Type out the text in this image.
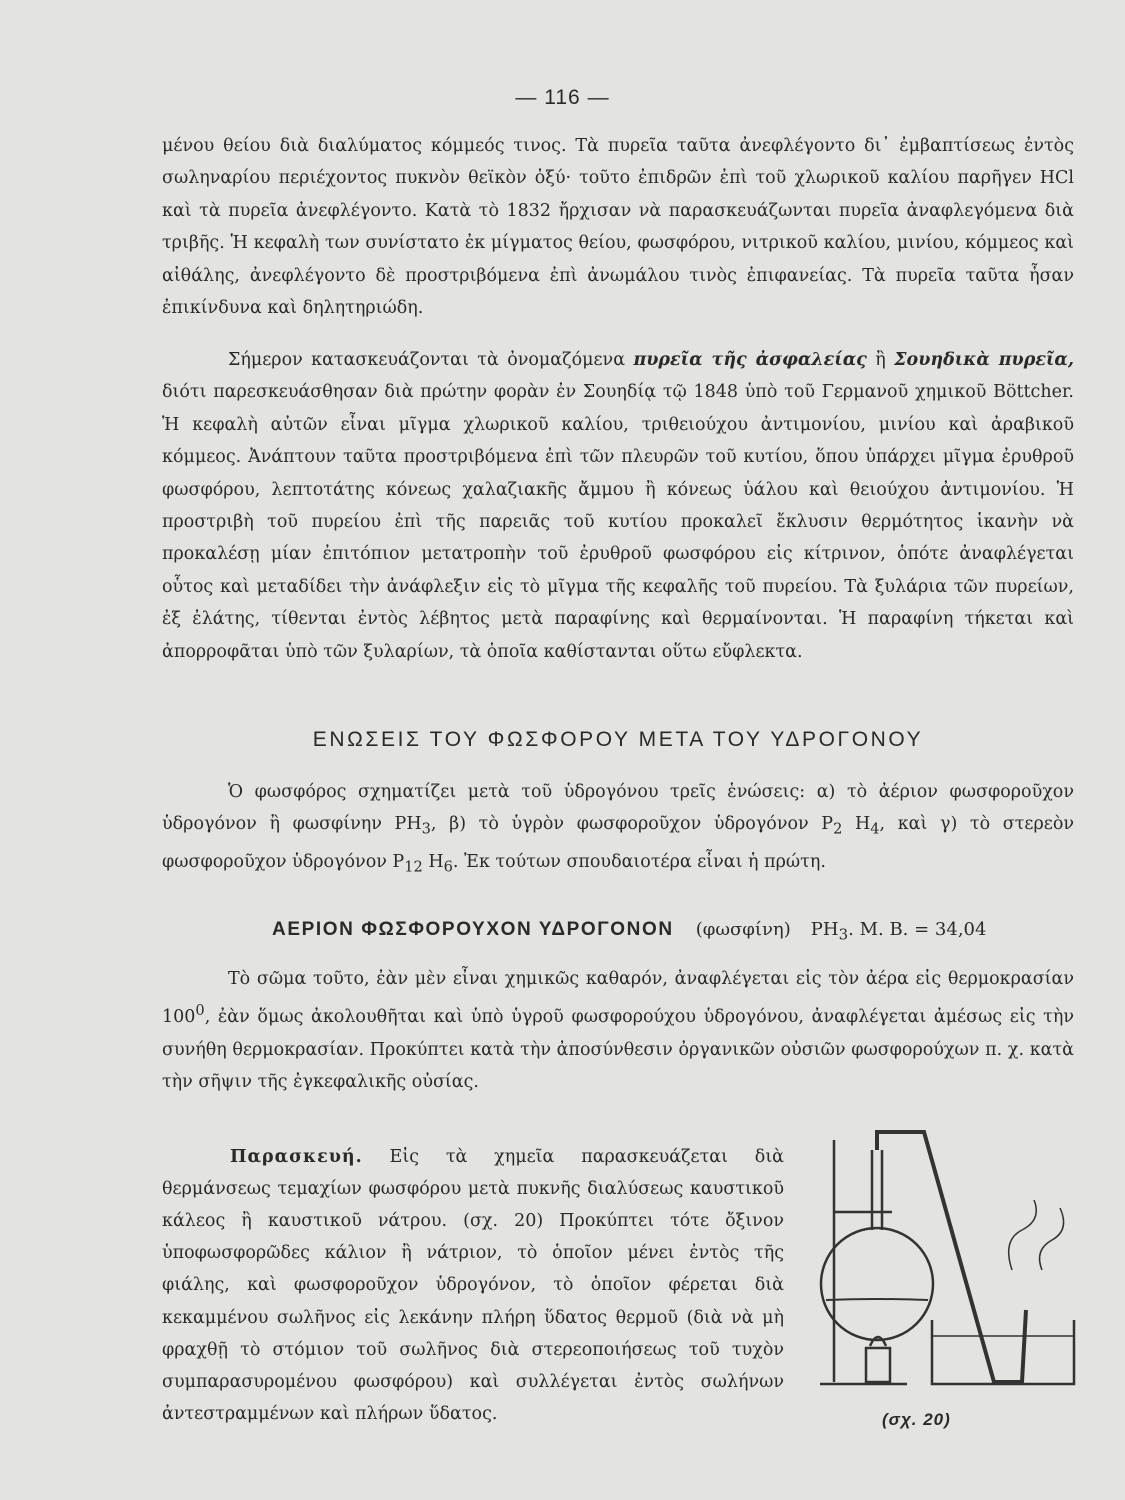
— 116 —

μένου θείου διὰ διαλύματος κόμμεός τινος. Τὰ πυρεῖα ταῦτα ἀνεφλέγοντο δι᾽ ἐμβαπτίσεως ἐντὸς σωληναρίου περιέχοντος πυκνὸν θεϊκὸν ὀξύ· τοῦτο ἐπιδρῶν ἐπὶ τοῦ χλωρικοῦ καλίου παρῆγεν HCl καὶ τὰ πυρεῖα ἀνεφλέγοντο. Κατὰ τὸ 1832 ἤρχισαν νὰ παρασκευάζωνται πυρεῖα ἀναφλεγόμενα διὰ τριβῆς. Ἡ κεφαλὴ των συνίστατο ἐκ μίγματος θείου, φωσφόρου, νιτρικοῦ καλίου, μινίου, κόμμεος καὶ αἰθάλης, ἀνεφλέγοντο δὲ προστριβόμενα ἐπὶ ἀνωμάλου τινὸς ἐπιφανείας. Τὰ πυρεῖα ταῦτα ἦσαν ἐπικίνδυνα καὶ δηλητηριώδη.

Σήμερον κατασκευάζονται τὰ ὀνομαζόμενα πυρεῖα τῆς ἀσφαλείας ἢ Σουηδικὰ πυρεῖα, διότι παρεσκευάσθησαν διὰ πρώτην φορὰν ἐν Σουηδίᾳ τῷ 1848 ὑπὸ τοῦ Γερμανοῦ χημικοῦ Böttcher. Ἡ κεφαλὴ αὐτῶν εἶναι μῖγμα χλωρικοῦ καλίου, τριθειούχου ἀντιμονίου, μινίου καὶ ἀραβικοῦ κόμμεος. Ἀνάπτουν ταῦτα προστριβόμενα ἐπὶ τῶν πλευρῶν τοῦ κυτίου, ὅπου ὑπάρχει μῖγμα ἐρυθροῦ φωσφόρου, λεπτοτάτης κόνεως χαλαζιακῆς ἄμμου ἢ κόνεως ὑάλου καὶ θειούχου ἀντιμονίου. Ἡ προστριβὴ τοῦ πυρείου ἐπὶ τῆς παρειᾶς τοῦ κυτίου προκαλεῖ ἔκλυσιν θερμότητος ἱκανὴν νὰ προκαλέσῃ μίαν ἐπιτόπιον μετατροπὴν τοῦ ἐρυθροῦ φωσφόρου εἰς κίτρινον, ὁπότε ἀναφλέγεται οὗτος καὶ μεταδίδει τὴν ἀνάφλεξιν εἰς τὸ μῖγμα τῆς κεφαλῆς τοῦ πυρείου. Τὰ ξυλάρια τῶν πυρείων, ἐξ ἐλάτης, τίθενται ἐντὸς λέβητος μετὰ παραφίνης καὶ θερμαίνονται. Ἡ παραφίνη τήκεται καὶ ἀπορροφᾶται ὑπὸ τῶν ξυλαρίων, τὰ ὁποῖα καθίστανται οὕτω εὔφλεκτα.

ΕΝΩΣΕΙΣ ΤΟΥ ΦΩΣΦΟΡΟΥ ΜΕΤΑ ΤΟΥ ΥΔΡΟΓΟΝΟΥ

Ὁ φωσφόρος σχηματίζει μετὰ τοῦ ὑδρογόνου τρεῖς ἑνώσεις: α) τὸ ἀέριον φωσφοροῦχον ὑδρογόνον ἢ φωσφίνην $PH_3$, β) τὸ ὑγρὸν φωσφοροῦχον ὑδρογόνον $P_2$ $H_4$, καὶ γ) τὸ στερεὸν φωσφοροῦχον ὑδρογόνον $P_{12}$ $H_6$. Ἐκ τούτων σπουδαιοτέρα εἶναι ἡ πρώτη.

ΑΕΡΙΟΝ ΦΩΣΦΟΡΟΥΧΟΝ ΥΔΡΟΓΟΝΟΝ (φωσφίνη) $PH_3$. Μ. Β. = 34,04

Τὸ σῶμα τοῦτο, ἐὰν μὲν εἶναι χημικῶς καθαρόν, ἀναφλέγεται εἰς τὸν ἀέρα εἰς θερμοκρασίαν $100^0$, ἐὰν ὅμως ἀκολουθῆται καὶ ὑπὸ ὑγροῦ φωσφορούχου ὑδρογόνου, ἀναφλέγεται ἀμέσως εἰς τὴν συνήθη θερμοκρασίαν. Προκύπτει κατὰ τὴν ἀποσύνθεσιν ὀργανικῶν οὐσιῶν φωσφορούχων π. χ. κατὰ τὴν σῆψιν τῆς ἐγκεφαλικῆς οὐσίας.

Παρασκευή. Εἰς τὰ χημεῖα παρασκευάζεται διὰ θερμάνσεως τεμαχίων φωσφόρου μετὰ πυκνῆς διαλύσεως καυστικοῦ κάλεος ἢ καυστικοῦ νάτρου. (σχ. 20) Προκύπτει τότε ὄξινον ὑποφωσφορῶδες κάλιον ἢ νάτριον, τὸ ὁποῖον μένει ἐντὸς τῆς φιάλης, καὶ φωσφοροῦχον ὑδρογόνον, τὸ ὁποῖον φέρεται διὰ κεκαμμένου σωλῆνος εἰς λεκάνην πλήρη ὕδατος θερμοῦ (διὰ νὰ μὴ φραχθῇ τὸ στόμιον τοῦ σωλῆνος διὰ στερεοποιήσεως τοῦ τυχὸν συμπαρασυρομένου φωσφόρου) καὶ συλλέγεται ἐντὸς σωλήνων ἀντεστραμμένων καὶ πλήρων ὕδατος.	(σχ. 20)
